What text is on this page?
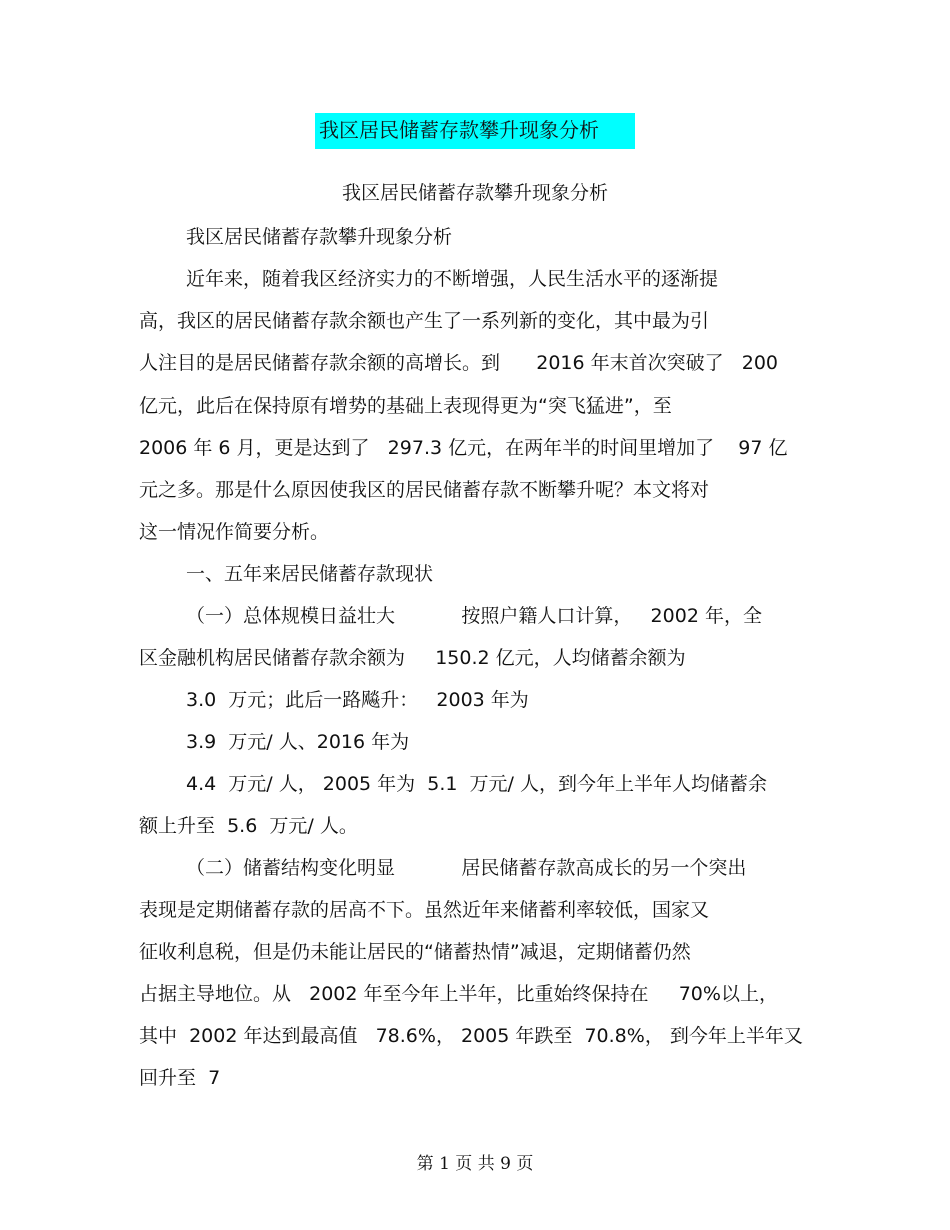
我区居民储蓄存款攀升现象分析
我区居民储蓄存款攀升现象分析
我区居民储蓄存款攀升现象分析
近年来，随着我区经济实力的不断增强，人民生活水平的逐渐提
高，我区的居民储蓄存款余额也产生了一系列新的变化，其中最为引
人注目的是居民储蓄存款余额的高增长。到      2016 年末首次突破了   200
亿元，此后在保持原有增势的基础上表现得更为“突飞猛进”，至
2006 年 6 月，更是达到了   297.3 亿元，在两年半的时间里增加了    97 亿
元之多。那是什么原因使我区的居民储蓄存款不断攀升呢？本文将对
这一情况作简要分析。
一、五年来居民储蓄存款现状
（一）总体规模日益壮大           按照户籍人口计算，   2002 年，全
区金融机构居民储蓄存款余额为     150.2 亿元，人均储蓄余额为
3.0  万元；此后一路飚升：   2003 年为
3.9  万元/ 人、2016 年为
4.4  万元/ 人， 2005 年为  5.1  万元/ 人，到今年上半年人均储蓄余
额上升至  5.6  万元/ 人。
（二）储蓄结构变化明显           居民储蓄存款高成长的另一个突出
表现是定期储蓄存款的居高不下。虽然近年来储蓄利率较低，国家又
征收利息税，但是仍未能让居民的“储蓄热情”减退，定期储蓄仍然
占据主导地位。从   2002 年至今年上半年，比重始终保持在     70%以上，
其中  2002 年达到最高值   78.6%， 2005 年跌至  70.8%， 到今年上半年又
回升至  7
第 1 页 共 9 页
